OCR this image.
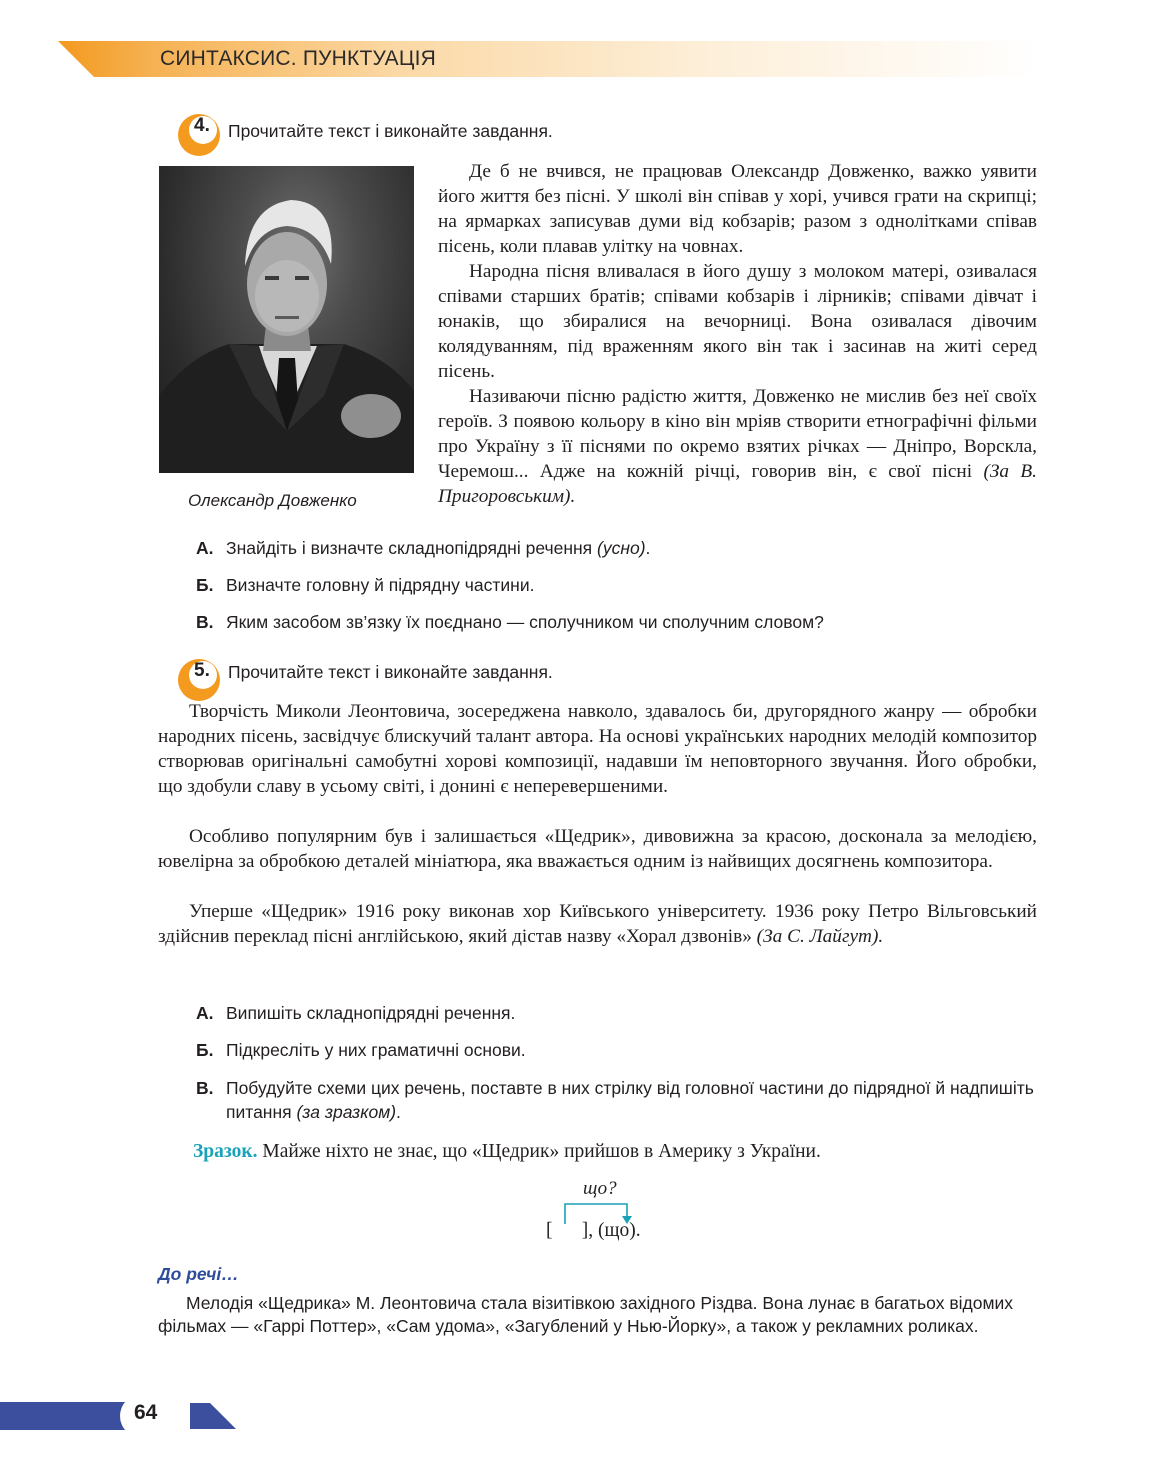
СИНТАКСИС. ПУНКТУАЦІЯ
4. Прочитайте текст і виконайте завдання.
Олександр Довженко

Де б не вчився, не працював Олександр Довженко, важко уявити його життя без пісні. У школі він співав у хорі, учився грати на скрипці; на ярмарках записував думи від кобзарів; разом з однолітками співав пісень, коли плавав улітку на човнах.

Народна пісня вливалася в його душу з молоком матері, озивалася співами старших братів; співами кобзарів і лірників; співами дівчат і юнаків, що збиралися на вечорниці. Вона озивалася дівочим колядуванням, під враженням якого він так і засинав на житі серед пісень.

Називаючи пісню радістю життя, Довженко не мислив без неї своїх героїв. З появою кольору в кіно він мріяв створити етнографічні фільми про Україну з її піснями по окремо взятих річках — Дніпро, Ворскла, Черемош... Адже на кожній річці, говорив він, є свої пісні (За В. Пригоровським).

А. Знайдіть і визначте складнопідрядні речення (усно).
Б. Визначте головну й підрядну частини.
В. Яким засобом зв’язку їх поєднано — сполучником чи сполучним словом?
5. Прочитайте текст і виконайте завдання.

Творчість Миколи Леонтовича, зосереджена навколо, здавалось би, другорядного жанру — обробки народних пісень, засвідчує блискучий талант автора. На основі українських народних мелодій композитор створював оригінальні самобутні хорові композиції, надавши їм неповторного звучання. Його обробки, що здобули славу в усьому світі, і донині є неперевершеними.

Особливо популярним був і залишається «Щедрик», дивовижна за красою, досконала за мелодією, ювелірна за обробкою деталей мініатюра, яка вважається одним із найвищих досягнень композитора.

Уперше «Щедрик» 1916 року виконав хор Київського університету. 1936 року Петро Вільговський здійснив переклад пісні англійською, який дістав назву «Хорал дзвонів» (За С. Лайгут).

А. Випишіть складнопідрядні речення.
Б. Підкресліть у них граматичні основи.
В. Побудуйте схеми цих речень, поставте в них стрілку від головної частини до підрядної й надпишіть питання (за зразком).
Зразок. Майже ніхто не знає, що «Щедрик» прийшов в Америку з України.
що?
[      ], (що).
До речі…

Мелодія «Щедрика» М. Леонтовича стала візитівкою західного Різдва. Вона лунає в багатьох відомих фільмах — «Гаррі Поттер», «Сам удома», «Загублений у Нью-Йорку», а також у рекламних роликах.

64
